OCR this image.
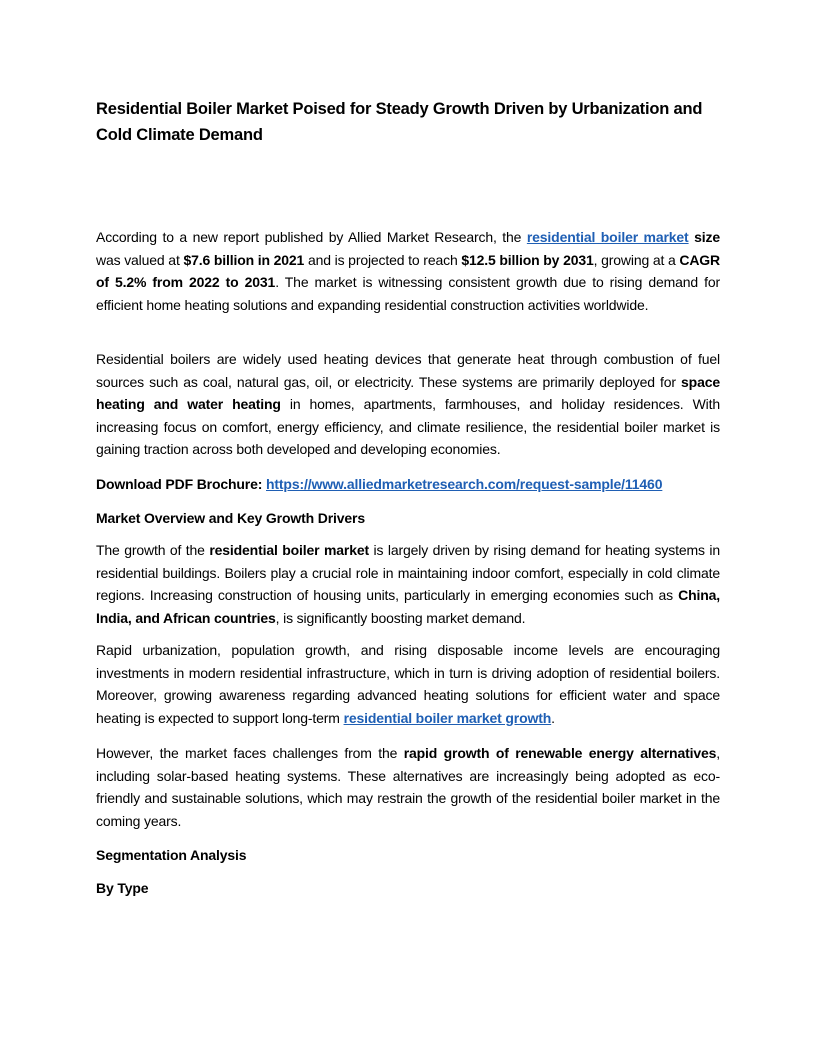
Residential Boiler Market Poised for Steady Growth Driven by Urbanization and Cold Climate Demand

According to a new report published by Allied Market Research, the residential boiler market size was valued at $7.6 billion in 2021 and is projected to reach $12.5 billion by 2031, growing at a CAGR of 5.2% from 2022 to 2031. The market is witnessing consistent growth due to rising demand for efficient home heating solutions and expanding residential construction activities worldwide.

Residential boilers are widely used heating devices that generate heat through combustion of fuel sources such as coal, natural gas, oil, or electricity. These systems are primarily deployed for space heating and water heating in homes, apartments, farmhouses, and holiday residences. With increasing focus on comfort, energy efficiency, and climate resilience, the residential boiler market is gaining traction across both developed and developing economies.

Download PDF Brochure: https://www.alliedmarketresearch.com/request-sample/11460

Market Overview and Key Growth Drivers

The growth of the residential boiler market is largely driven by rising demand for heating systems in residential buildings. Boilers play a crucial role in maintaining indoor comfort, especially in cold climate regions. Increasing construction of housing units, particularly in emerging economies such as China, India, and African countries, is significantly boosting market demand.

Rapid urbanization, population growth, and rising disposable income levels are encouraging investments in modern residential infrastructure, which in turn is driving adoption of residential boilers. Moreover, growing awareness regarding advanced heating solutions for efficient water and space heating is expected to support long-term residential boiler market growth.

However, the market faces challenges from the rapid growth of renewable energy alternatives, including solar-based heating systems. These alternatives are increasingly being adopted as eco-friendly and sustainable solutions, which may restrain the growth of the residential boiler market in the coming years.

Segmentation Analysis

By Type
